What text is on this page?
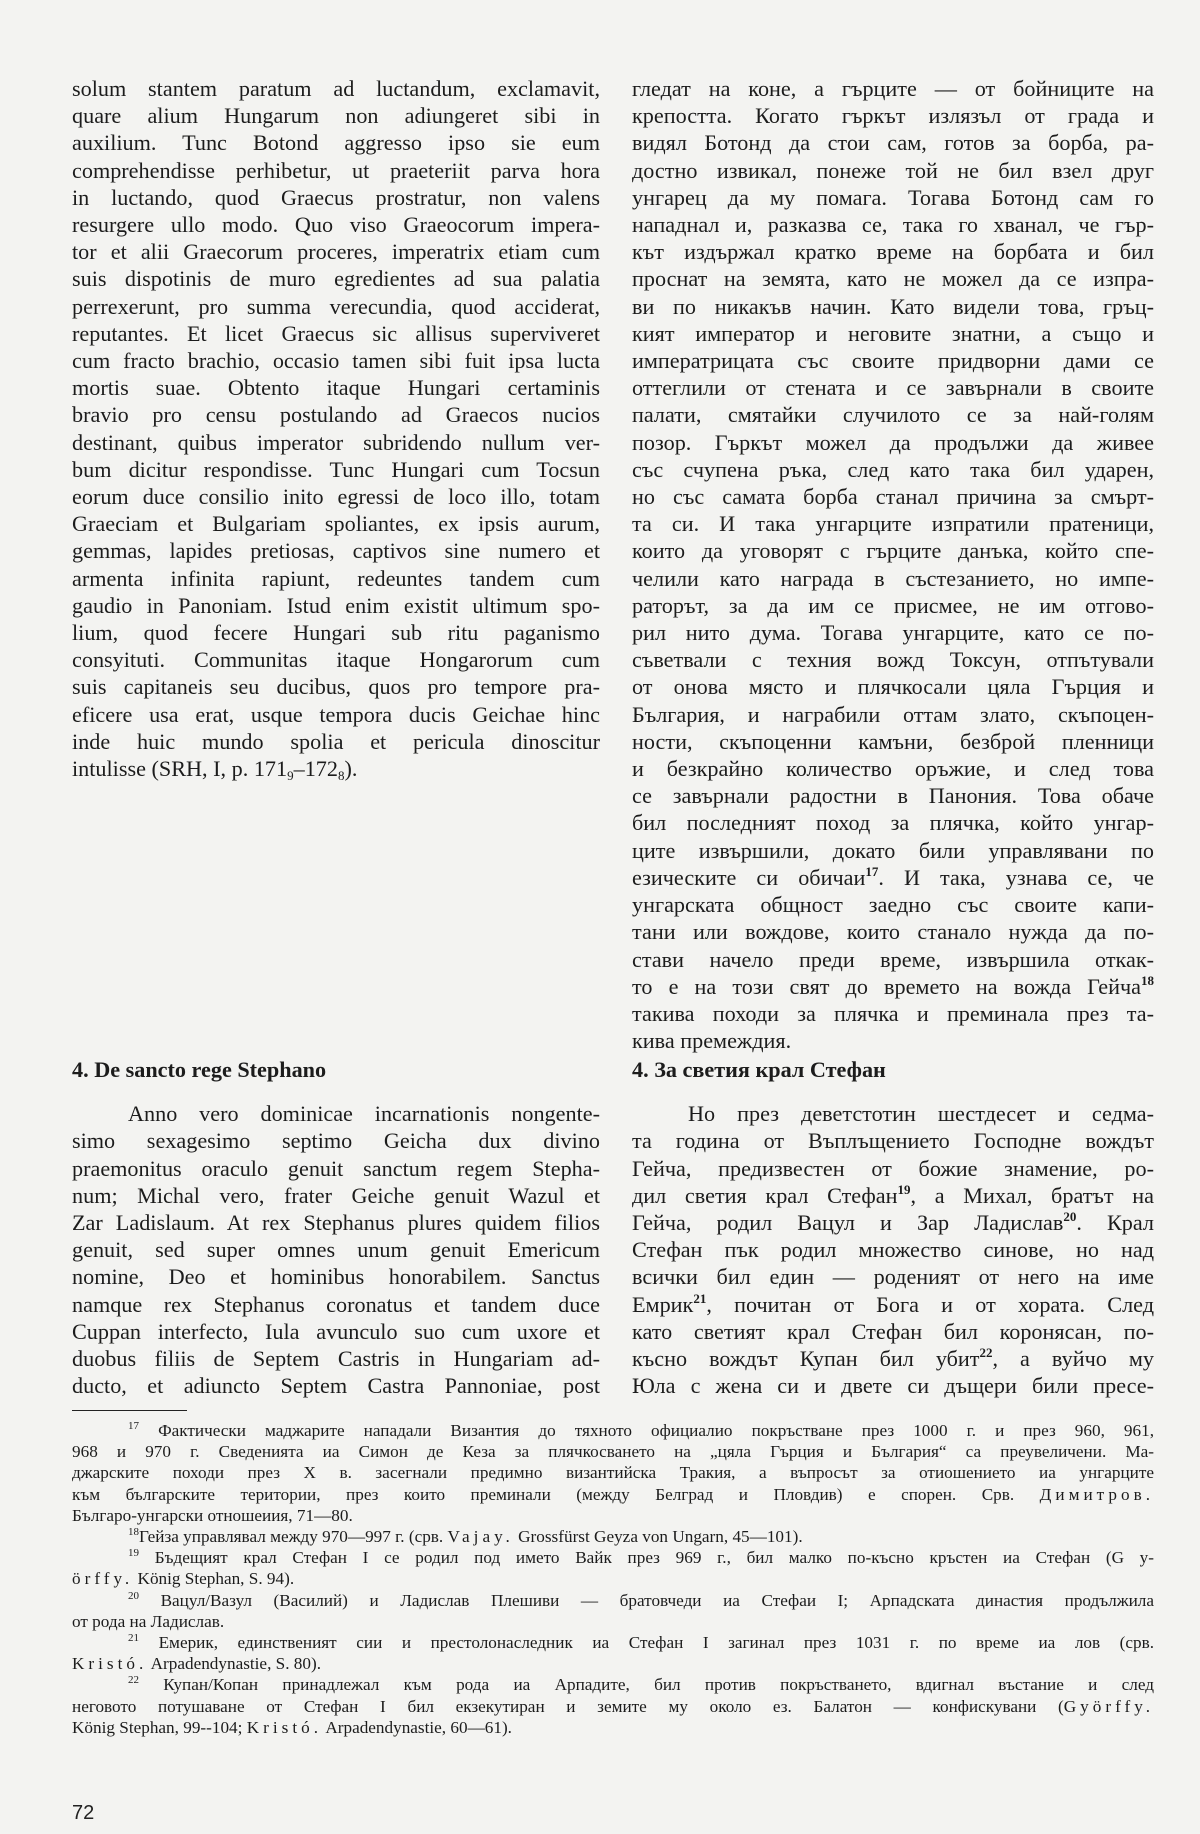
solum stantem paratum ad luctandum, exclamavit,
quare alium Hungarum non adiungeret sibi in
auxilium. Tunc Botond aggresso ipso sie eum
comprehendisse perhibetur, ut praeteriit parva hora
in luctando, quod Graecus prostratur, non valens
resurgere ullo modo. Quo viso Graeocorum impera-
tor et alii Graecorum proceres, imperatrix etiam cum
suis dispotinis de muro egredientes ad sua palatia
perrexerunt, pro summa verecundia, quod acciderat,
reputantes. Et licet Graecus sic allisus superviveret
cum fracto brachio, occasio tamen sibi fuit ipsa lucta
mortis suae. Obtento itaque Hungari certaminis
bravio pro censu postulando ad Graecos nucios
destinant, quibus imperator subridendo nullum ver-
bum dicitur respondisse. Tunc Hungari cum Tocsun
eorum duce consilio inito egressi de loco illo, totam
Graeciam et Bulgariam spoliantes, ex ipsis aurum,
gemmas, lapides pretiosas, captivos sine numero et
armenta infinita rapiunt, redeuntes tandem cum
gaudio in Panoniam. Istud enim existit ultimum spo-
lium, quod fecere Hungari sub ritu paganismo
consyituti. Communitas itaque Hongarorum cum
suis capitaneis seu ducibus, quos pro tempore pra-
eficere usa erat, usque tempora ducis Geichae hinc
inde huic mundo spolia et pericula dinoscitur
intulisse (SRH, I, p. $171_9-172_8$).
гледат на коне, а гърците — от бойниците на
крепостта. Когато гъркът излязъл от града и
видял Ботонд да стои сам, готов за борба, ра-
достно извикал, понеже той не бил взел друг
унгарец да му помага. Тогава Ботонд сам го
нападнал и, разказва се, така го хванал, че гър-
кът издържал кратко време на борбата и бил
проснат на земята, като не можел да се изпра-
ви по никакъв начин. Като видели това, гръц-
кият император и неговите знатни, а също и
императрицата със своите придворни дами се
оттеглили от стената и се завърнали в своите
палати, смятайки случилото се за най-голям
позор. Гъркът можел да продължи да живее
със счупена ръка, след като така бил ударен,
но със самата борба станал причина за смърт-
та си. И така унгарците изпратили пратеници,
които да уговорят с гърците данъка, който спе-
челили като награда в състезанието, но импе-
раторът, за да им се присмее, не им отгово-
рил нито дума. Тогава унгарците, като се по-
съветвали с техния вожд Токсун, отпътували
от онова място и плячкосали цяла Гърция и
България, и награбили оттам злато, скъпоцен-
ности, скъпоценни камъни, безброй пленници
и безкрайно количество оръжие, и след това
се завърнали радостни в Панония. Това обаче
бил последният поход за плячка, който унгар-
ците извършили, докато били управлявани по
езическите си обичаи$^{17}$. И така, узнава се, че
унгарската общност заедно със своите капи-
тани или вождове, които станало нужда да по-
стави начело преди време, извършила откак-
то е на този свят до времето на вожда Гейча$^{18}$
такива походи за плячка и преминала през та-
кива премеждия.
4. De sancto rege Stephano
Anno vero dominicae incarnationis nongente-
simo sexagesimo septimo Geicha dux divino
praemonitus oraculo genuit sanctum regem Stepha-
num; Michal vero, frater Geiche genuit Wazul et
Zar Ladislaum. At rex Stephanus plures quidem filios
genuit, sed super omnes unum genuit Emericum
nomine, Deo et hominibus honorabilem. Sanctus
namque rex Stephanus coronatus et tandem duce
Cuppan interfecto, Iula avunculo suo cum uxore et
duobus filiis de Septem Castris in Hungariam ad-
ducto, et adiuncto Septem Castra Pannoniae, post
4. За светия крал Стефан
Но през деветстотин шестдесет и седма-
та година от Въплъщението Господне вождът
Гейча, предизвестен от божие знамение, ро-
дил светия крал Стефан$^{19}$, а Михал, братът на
Гейча, родил Вацул и Зар Ладислав$^{20}$. Крал
Стефан пък родил множество синове, но над
всички бил един — роденият от него на име
Емрик$^{21}$, почитан от Бога и от хората. След
като светият крал Стефан бил коронясан, по-
късно вождът Купан бил убит$^{22}$, а вуйчо му
Юла с жена си и двете си дъщери били пресе-
$^{17}$ Фактически маджарите нападали Византия до тяхното официалио покръстване през 1000 г. и през 960, 961,
968 и 970 г. Сведенията иа Симон де Кеза за плячкосването на „цяла Гърция и България“ са преувеличени. Ма-
джарските походи през Х в. засегнали предимно византийска Тракия, а въпросът за отиошението иа унгарците
към българските територии, през които преминали (между Белград и Пловдив) е спорен. Срв. Димитров.
Българо-унгарски отношеиия, 71—80.
$^{18}$Гейза управлявал между 970—997 г. (срв. Vajay. Grossfürst Geyza von Ungarn, 45—101).
$^{19}$ Бъдещият крал Стефан I се родил под името Вайк през 969 г., бил малко по-късно кръстен иа Стефан (G y-
örffy. König Stephan, S. 94).
$^{20}$ Вацул/Вазул (Василий) и Ладислав Плешиви — братовчеди иа Стефаи I; Арпадската династия продължила
от рода на Ладислав.
$^{21}$ Емерик, единственият сии и престолонаследник иа Стефан I загинал през 1031 г. по време иа лов (срв.
Kristó. Arpadendynastie, S. 80).
$^{22}$ Купан/Копан принадлежал към рода иа Арпадите, бил против покръстването, вдигнал въстание и след
неговото потушаване от Стефан I бил екзекутиран и земите му около ез. Балатон — конфискувани (Györffy.
König Stephan, 99--104; Kristó. Arpadendynastie, 60—61).
72
